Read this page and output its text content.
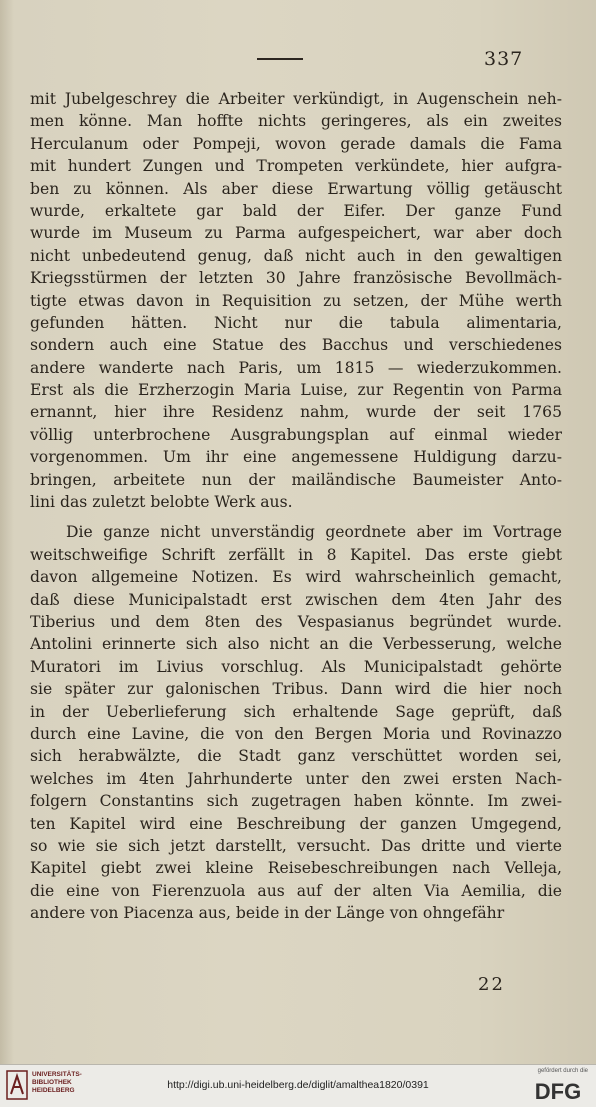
337
mit Jubelgeschrey die Arbeiter verkündigt, in Augenschein neh-
men könne. Man hoffte nichts geringeres, als ein zweites
Herculanum oder Pompeji, wovon gerade damals die Fama
mit hundert Zungen und Trompeten verkündete, hier aufgra-
ben zu können. Als aber diese Erwartung völlig getäuscht
wurde, erkaltete gar bald der Eifer. Der ganze Fund
wurde im Museum zu Parma aufgespeichert, war aber doch
nicht unbedeutend genug, daß nicht auch in den gewaltigen
Kriegsstürmen der letzten 30 Jahre französische Bevollmäch-
tigte etwas davon in Requisition zu setzen, der Mühe werth
gefunden hätten. Nicht nur die tabula alimentaria,
sondern auch eine Statue des Bacchus und verschiedenes
andere wanderte nach Paris, um 1815 — wiederzukommen.
Erst als die Erzherzogin Maria Luise, zur Regentin von Parma
ernannt, hier ihre Residenz nahm, wurde der seit 1765
völlig unterbrochene Ausgrabungsplan auf einmal wieder
vorgenommen. Um ihr eine angemessene Huldigung darzu-
bringen, arbeitete nun der mailändische Baumeister Anto-
lini das zuletzt belobte Werk aus.
Die ganze nicht unverständig geordnete aber im Vortrage
weitschweifige Schrift zerfällt in 8 Kapitel. Das erste giebt
davon allgemeine Notizen. Es wird wahrscheinlich gemacht,
daß diese Municipalstadt erst zwischen dem 4ten Jahr des
Tiberius und dem 8ten des Vespasianus begründet wurde.
Antolini erinnerte sich also nicht an die Verbesserung, welche
Muratori im Livius vorschlug. Als Municipalstadt gehörte
sie später zur galonischen Tribus. Dann wird die hier noch
in der Ueberlieferung sich erhaltende Sage geprüft, daß
durch eine Lavine, die von den Bergen Moria und Rovinazzo
sich herabwälzte, die Stadt ganz verschüttet worden sei,
welches im 4ten Jahrhunderte unter den zwei ersten Nach-
folgern Constantins sich zugetragen haben könnte. Im zwei-
ten Kapitel wird eine Beschreibung der ganzen Umgegend,
so wie sie sich jetzt darstellt, versucht. Das dritte und vierte
Kapitel giebt zwei kleine Reisebeschreibungen nach Velleja,
die eine von Fierenzuola aus auf der alten Via Aemilia, die
andere von Piacenza aus, beide in der Länge von ohngefähr
22
UNIVERSITÄTS-
BIBLIOTHEK
HEIDELBERG	http://digi.ub.uni-heidelberg.de/diglit/amalthea1820/0391
gefördert durch die
DFG
